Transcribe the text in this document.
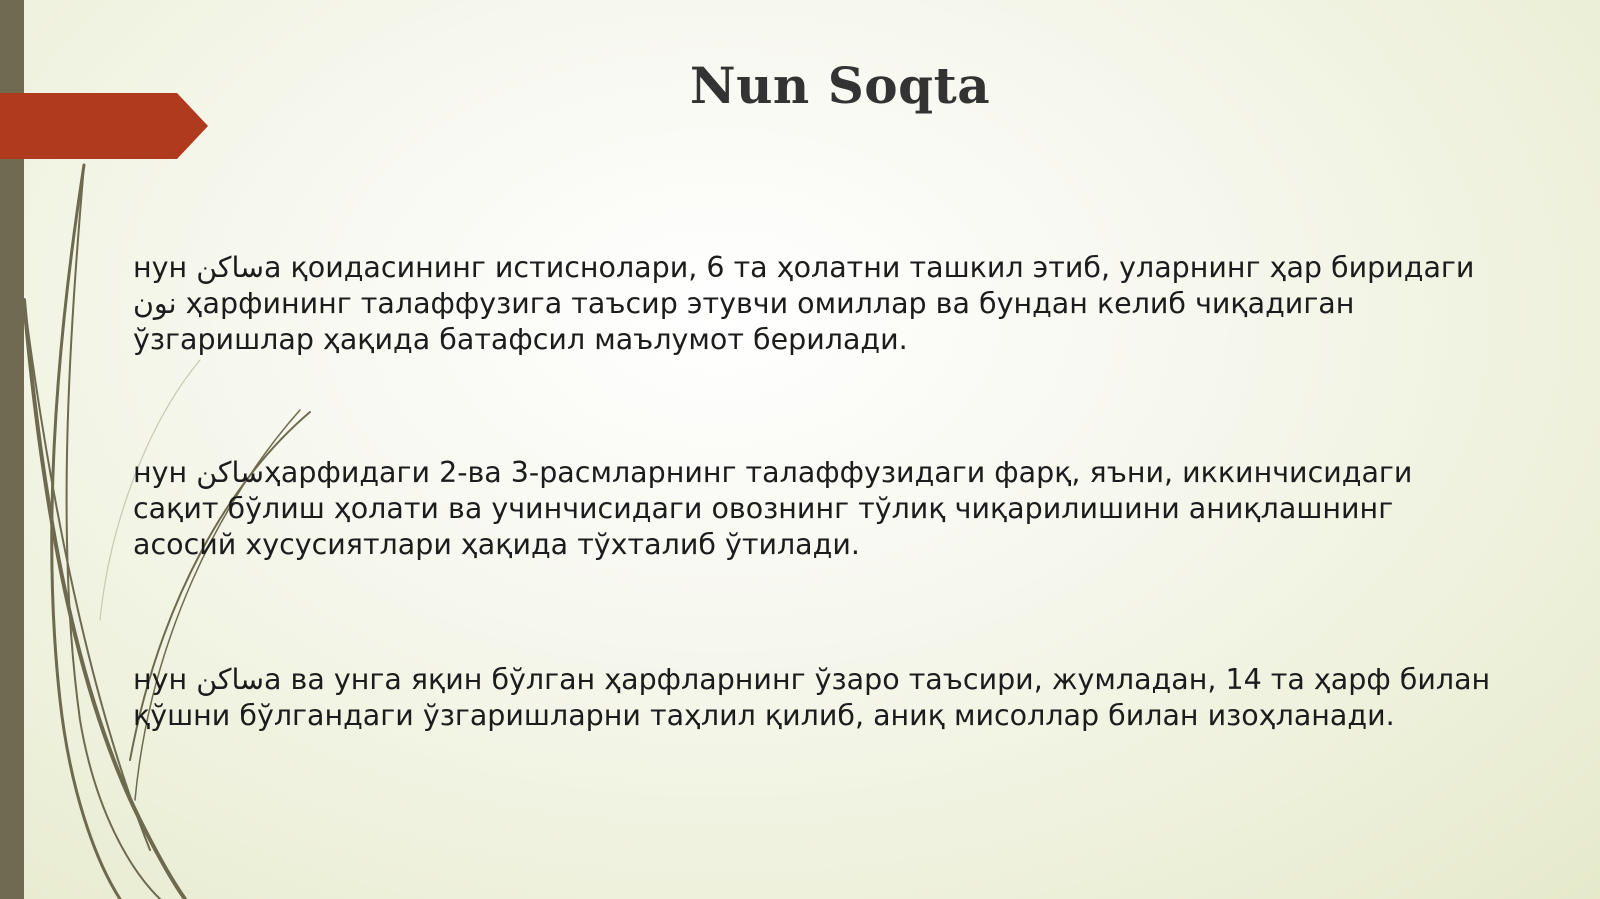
Nun Soqta

нун ساکنа қоидасининг истиснолари, 6 та ҳолатни ташкил этиб, уларнинг ҳар биридаги نون ҳарфининг талаффузига таъсир этувчи омиллар ва бундан келиб чиқадиган ўзгаришлар ҳақида батафсил маълумот берилади.

нун ساکنҳарфидаги 2-ва 3-расмларнинг талаффузидаги фарқ, яъни, иккинчисидаги сақит бўлиш ҳолати ва учинчисидаги овознинг тўлиқ чиқарилишини аниқлашнинг асосий хусусиятлари ҳақида тўхталиб ўтилади.

нун ساکنа ва унга яқин бўлган ҳарфларнинг ўзаро таъсири, жумладан, 14 та ҳарф билан қўшни бўлгандаги ўзгаришларни таҳлил қилиб, аниқ мисоллар билан изоҳланади.
